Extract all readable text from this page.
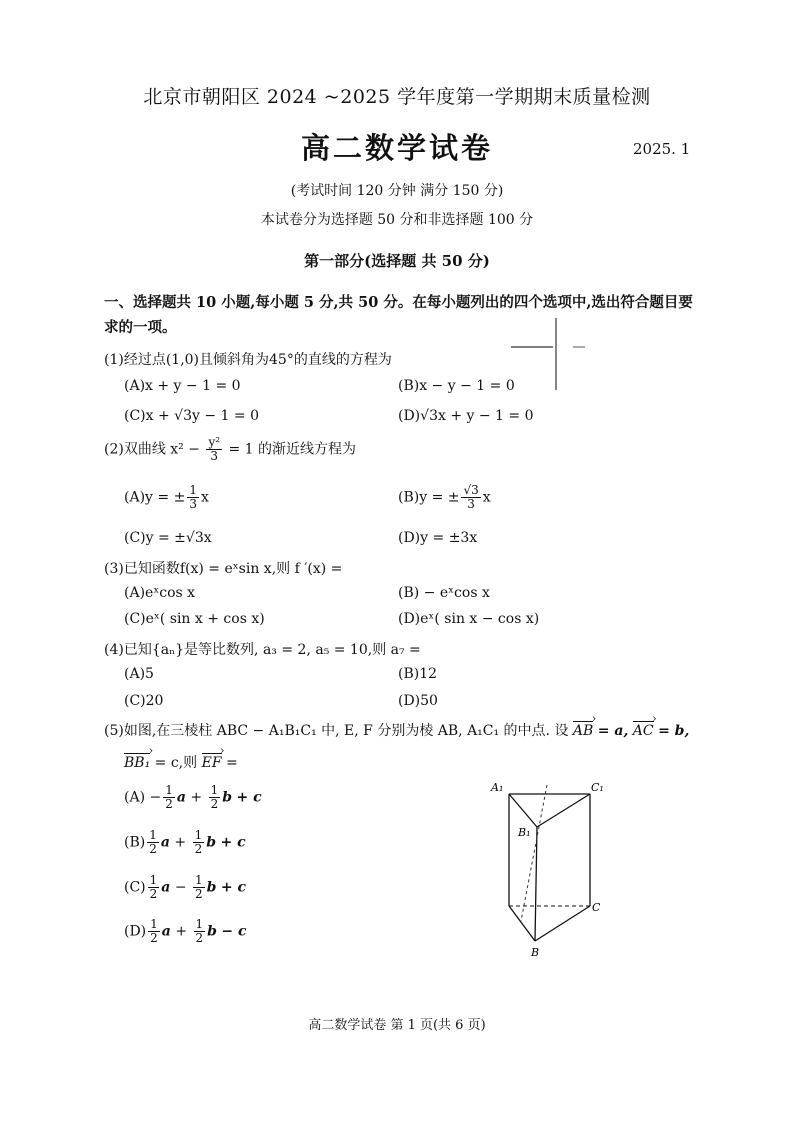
北京市朝阳区 2024 ~2025 学年度第一学期期末质量检测
高二数学试卷	2025. 1
(考试时间 120 分钟 满分 150 分)
本试卷分为选择题 50 分和非选择题 100 分
第一部分(选择题 共 50 分)
一、选择题共 10 小题,每小题 5 分,共 50 分。在每小题列出的四个选项中,选出符合题目要求的一项。
(1)经过点(1,0)且倾斜角为45°的直线的方程为
(A)x + y − 1 = 0	(B)x − y − 1 = 0
(C)x + √3y − 1 = 0	(D)√3x + y − 1 = 0
(2)双曲线 $x^2 - \frac{\text{y²}}{3} = 1$ 的渐近线方程为
(A)y = ± $\frac{1}{3}$ x	(B)y = ± $\frac{√3}{3}$ x
(C)y = ±√3x	(D)y = ±3x
(3)已知函数f(x) = eˣsin x,则 f ′(x) =
(A)eˣcos x	(B) − eˣcos x
(C)eˣ( sin x + cos x)	(D)eˣ( sin x − cos x)
(4)已知{aₙ}是等比数列, a₃ = 2, a₅ = 10,则 a₇ =
(A)5	(B)12
(C)20	(D)50
(5)如图,在三棱柱 ABC − A₁B₁C₁ 中, E, F 分别为棱 AB, A₁C₁ 的中点. 设 AB › = a, AC › = b,
BB₁ › = c,则 EF › =
$(A) - \frac{1}{2}$ $a + \frac{1}{2}$ b + c
$(B) \frac{1}{2}$ $a + \frac{1}{2}$ b + c
$(C) \frac{1}{2}$ $a - \frac{1}{2}$ b + c
$(D) \frac{1}{2}$ $a + \frac{1}{2}$ b − c
A₁	C₁
B₁
C
B
高二数学试卷 第 1 页(共 6 页)
